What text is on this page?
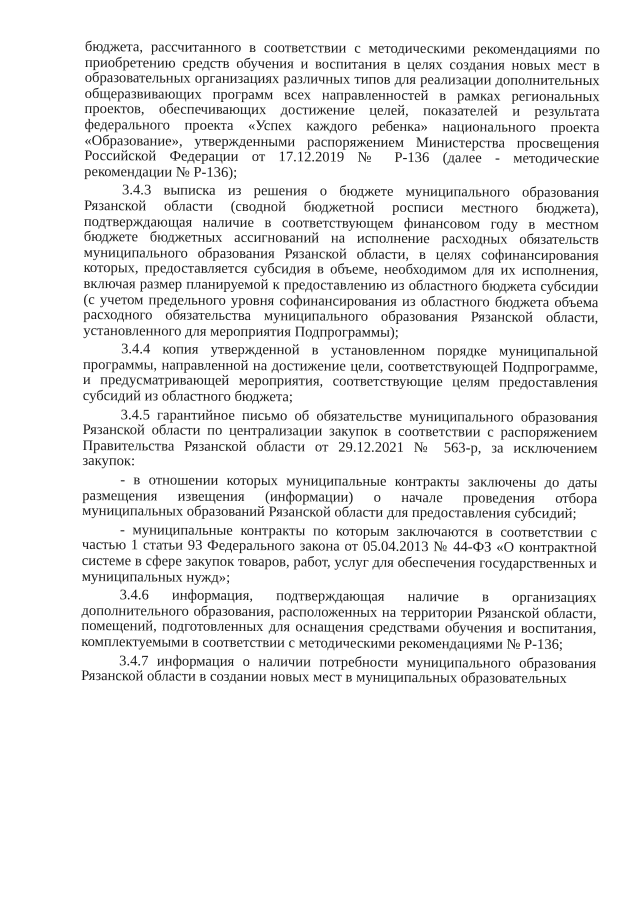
бюджета, рассчитанного в соответствии с методическими рекомендациями по приобретению средств обучения и воспитания в целях создания новых мест в образовательных организациях различных типов для реализации дополнительных общеразвивающих программ всех направленностей в рамках региональных проектов, обеспечивающих достижение целей, показателей и результата федерального проекта «Успех каждого ребенка» национального проекта «Образование», утвержденными распоряжением Министерства просвещения Российской Федерации от 17.12.2019 № Р-136 (далее - методические рекомендации № Р-136);

3.4.3 выписка из решения о бюджете муниципального образования Рязанской области (сводной бюджетной росписи местного бюджета), подтверждающая наличие в соответствующем финансовом году в местном бюджете бюджетных ассигнований на исполнение расходных обязательств муниципального образования Рязанской области, в целях софинансирования которых, предоставляется субсидия в объеме, необходимом для их исполнения, включая размер планируемой к предоставлению из областного бюджета субсидии (с учетом предельного уровня софинансирования из областного бюджета объема расходного обязательства муниципального образования Рязанской области, установленного для мероприятия Подпрограммы);

3.4.4 копия утвержденной в установленном порядке муниципальной программы, направленной на достижение цели, соответствующей Подпрограмме, и предусматривающей мероприятия, соответствующие целям предоставления субсидий из областного бюджета;

3.4.5 гарантийное письмо об обязательстве муниципального образования Рязанской области по централизации закупок в соответствии с распоряжением Правительства Рязанской области от 29.12.2021 № 563-р, за исключением закупок:

- в отношении которых муниципальные контракты заключены до даты размещения извещения (информации) о начале проведения отбора муниципальных образований Рязанской области для предоставления субсидий;

- муниципальные контракты по которым заключаются в соответствии с частью 1 статьи 93 Федерального закона от 05.04.2013 № 44-ФЗ «О контрактной системе в сфере закупок товаров, работ, услуг для обеспечения государственных и муниципальных нужд»;

3.4.6 информация, подтверждающая наличие в организациях дополнительного образования, расположенных на территории Рязанской области, помещений, подготовленных для оснащения средствами обучения и воспитания, комплектуемыми в соответствии с методическими рекомендациями № Р-136;

3.4.7 информация о наличии потребности муниципального образования Рязанской области в создании новых мест в муниципальных образовательных
